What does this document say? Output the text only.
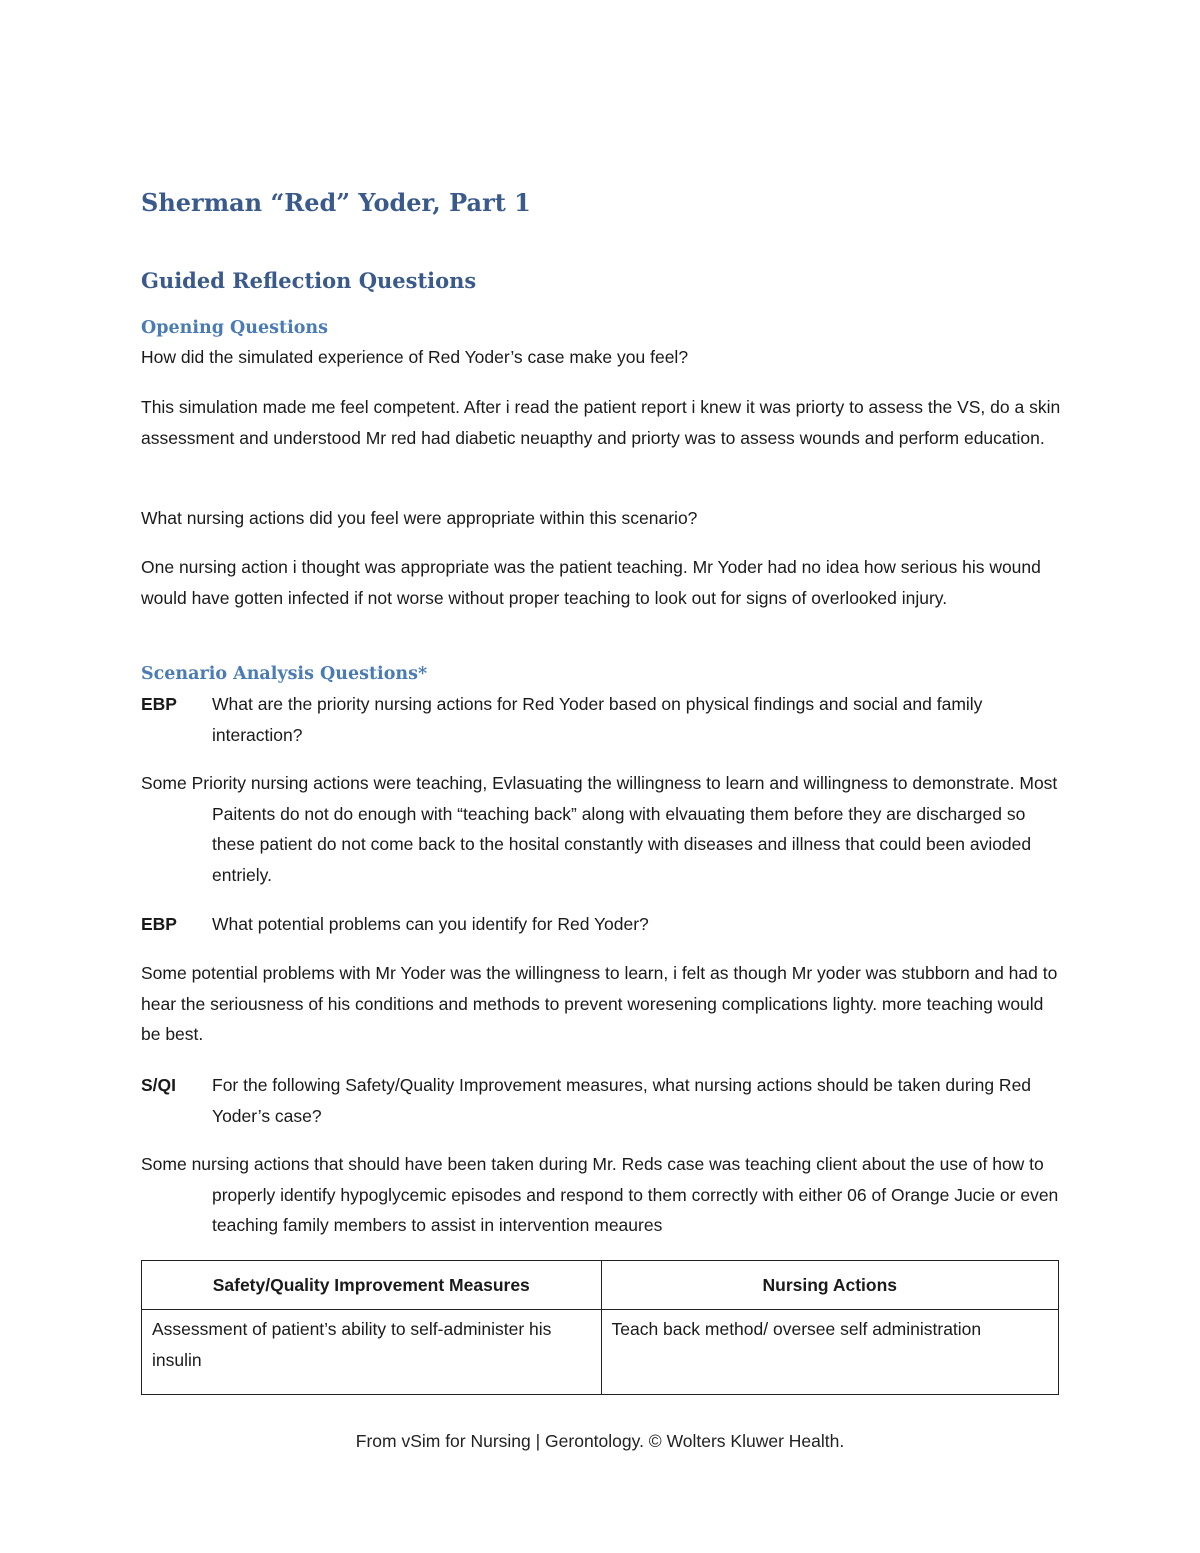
Sherman “Red” Yoder, Part 1
Guided Reflection Questions
Opening Questions

How did the simulated experience of Red Yoder’s case make you feel?

This simulation made me feel competent. After i read the patient report i knew it was priorty to assess the VS, do a skin assessment and understood Mr red had diabetic neuapthy and priorty was to assess wounds and perform education.

What nursing actions did you feel were appropriate within this scenario?

One nursing action i thought was appropriate was the patient teaching. Mr Yoder had no idea how serious his wound would have gotten infected if not worse without proper teaching to look out for signs of overlooked injury.

Scenario Analysis Questions*
EBP	What are the priority nursing actions for Red Yoder based on physical findings and social and family interaction?

Some Priority nursing actions were teaching, Evlasuating the willingness to learn and willingness to demonstrate. Most Paitents do not do enough with “teaching back” along with elvauating them before they are discharged so these patient do not come back to the hosital constantly with diseases and illness that could been avioded entriely.

EBP	What potential problems can you identify for Red Yoder?

Some potential problems with Mr Yoder was the willingness to learn, i felt as though Mr yoder was stubborn and had to hear the seriousness of his conditions and methods to prevent woresening complications lighty. more teaching would be best.

S/QI	For the following Safety/Quality Improvement measures, what nursing actions should be taken during Red Yoder’s case?

Some nursing actions that should have been taken during Mr. Reds case was teaching client about the use of how to properly identify hypoglycemic episodes and respond to them correctly with either 06 of Orange Jucie or even teaching family members to assist in intervention meaures

Safety/Quality Improvement Measures	Nursing Actions
Assessment of patient’s ability to self-administer his insulin	Teach back method/ oversee self administration

From vSim for Nursing | Gerontology. © Wolters Kluwer Health.
